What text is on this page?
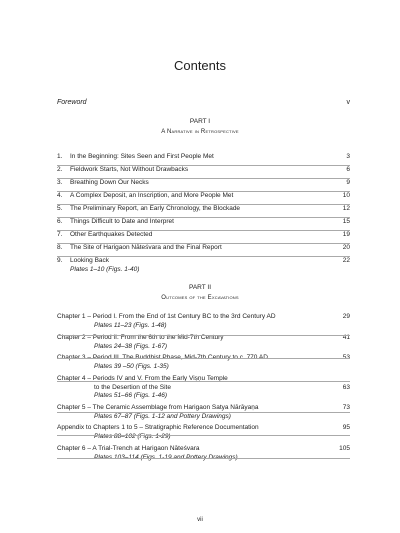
Contents
Foreword	v
PART I
A Narrative in Retrospective
1. In the Beginning: Sites Seen and First People Met	3
2. Fieldwork Starts, Not Without Drawbacks	6
3. Breathing Down Our Necks	9
4. A Complex Deposit, an Inscription, and More People Met	10
5. The Preliminary Report, an Early Chronology, the Blockade	12
6. Things Difficult to Date and Interpret	15
7. Other Earthquakes Detected	19
8. The Site of Harigaon Nāteśvara and the Final Report	20
9. Looking Back	22
Plates 1–10 (Figs. 1-40)
PART II
Outcomes of the Excavations
Chapter 1 – Period I. From the End of 1st Century BC to the 3rd Century AD	29
Plates 11–23 (Figs. 1-48)
Chapter 2 – Period II. From the 6th to the Mid-7th Century	41
Plates 24–38 (Figs. 1-67)
Chapter 3 – Period III. The Buddhist Phase, Mid-7th Century to c. 770 AD	53
Plates 39 –50 (Figs. 1-35)
Chapter 4 – Periods IV and V. From the Early Viṣṇu Temple
to the Desertion of the Site	63
Plates 51–66 (Figs. 1-46)
Chapter 5 – The Ceramic Assemblage from Harigaon Satya Nārāyaṇa	73
Plates 67–87 (Figs. 1-12 and Pottery Drawings)
Appendix to Chapters 1 to 5 – Stratigraphic Reference Documentation	95
Plates 88–102 (Figs. 1-29)
Chapter 6 – A Trial-Trench at Harigaon Nāteśvara	105
Plates 103–114 (Figs. 1-19 and Pottery Drawings)
vii
